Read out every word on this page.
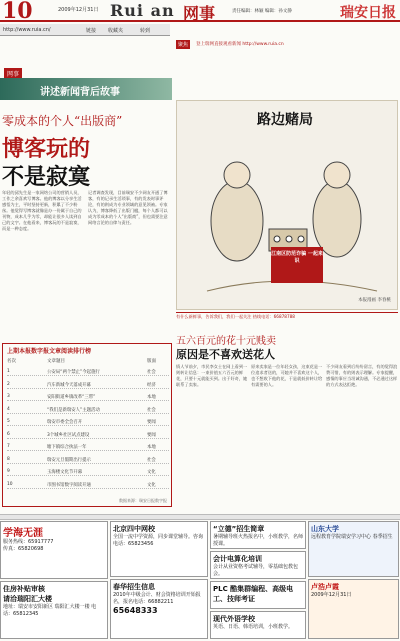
10	2009年12月31日 Rui an 网事	责任编辑：林颖 编辑：孙文静	瑞安日报
http://www.ruia.cn/	链接 收藏夹	转到
网事
讲述新闻背后故事
零成本的个人“出版商”
博客玩的
不是寂寞
年轻的邱先生是一家网络公司的营销人员，工作之余喜欢写博客。他的博客以分享生活感悟为主，平时坚持更新，积累了不少粉丝。他觉得写博客就像是办一份属于自己的刊物，成本几乎为零，却能让很多人读到自己的文字。在他看来，博客玩的不是寂寞，而是一种态度。
记者调查发现，目前瑞安不少网友开通了博客，有的记录生活琐事，有的发表时事评论，有的则成为专业领域的意见领袖。专家认为，博客降低了出版门槛，每个人都可以成为零成本的个人“出版商”，但也需要注意网络言论的自律与责任。
上期本报数字报文章阅读排行榜
名次	文章题目	版面
1	公安局“两个禁止”今起施行	社会
2	汽车新城今天落成开幕	经济
3	安阳街道乡镇改革“三带”	本地
4	“我们是新瑞安人”主题活动	社会
5	瑞安市委全会召开	要闻
6	3个城乡社区试点建设	要闻
7	塘下镇综合执法一年	本地
8	瑞安元旦假期出行提示	社会
9	玉海楼文化节开幕	文化
10	市图书馆数字阅读开通	文化
数据来源：瑞安日报数字报
聚焦	登上瑞网直接观看新闻 http://www.ruia.cn
路边赌局
江南区防范诈骗 一起来识
本报漫画 李春桃
有什么新鲜事，告诉我们，我们一起关注 热线电话：66878788
五六百元的花十元贱卖
原因是不喜欢送花人
情人节前夕，市民李女士在网上看到一则转让信息：一束价值五六百元的鲜花，只要十元就能买到。出于好奇，她联系了卖家。
原来卖家是一位年轻女孩，这束花是一位追求者送的，可她并不喜欢这个人，也不想收下他的花，于是就低价转让给有需要的人。
不少网友看到后纷纷留言，有的觉得浪费可惜，有的则表示理解。专家提醒，感情的事应当坦诚沟通，不必通过这样的方式表达拒绝。
学海无涯
服务热线：65917777
传真：65820698
住房补贴审核
请洽瑞阳汇大楼
地址：瑞安市安阳新区 瑞阳汇大楼一楼 电话：65812345
北京四中网校
全国一流中学资源，同步课堂辅导。咨询电话：65823456
春华招生信息
2010年中级会计、财会资格培训开始报名，报名电话：66882211
65648333
“立德”招生简章
暑期辅导班火热报名中，小班教学，名师授课。
会计电算化培训
会计从业资格考试辅导，零基础包教包会。
PLC 酷集群编程、高级电工、技师考证
现代外语学校
英语、日语、韩语培训，小班教学。
山东大学
远程教育学院瑞安学习中心 春季招生
卢浩卢霞
2009年12月31日
